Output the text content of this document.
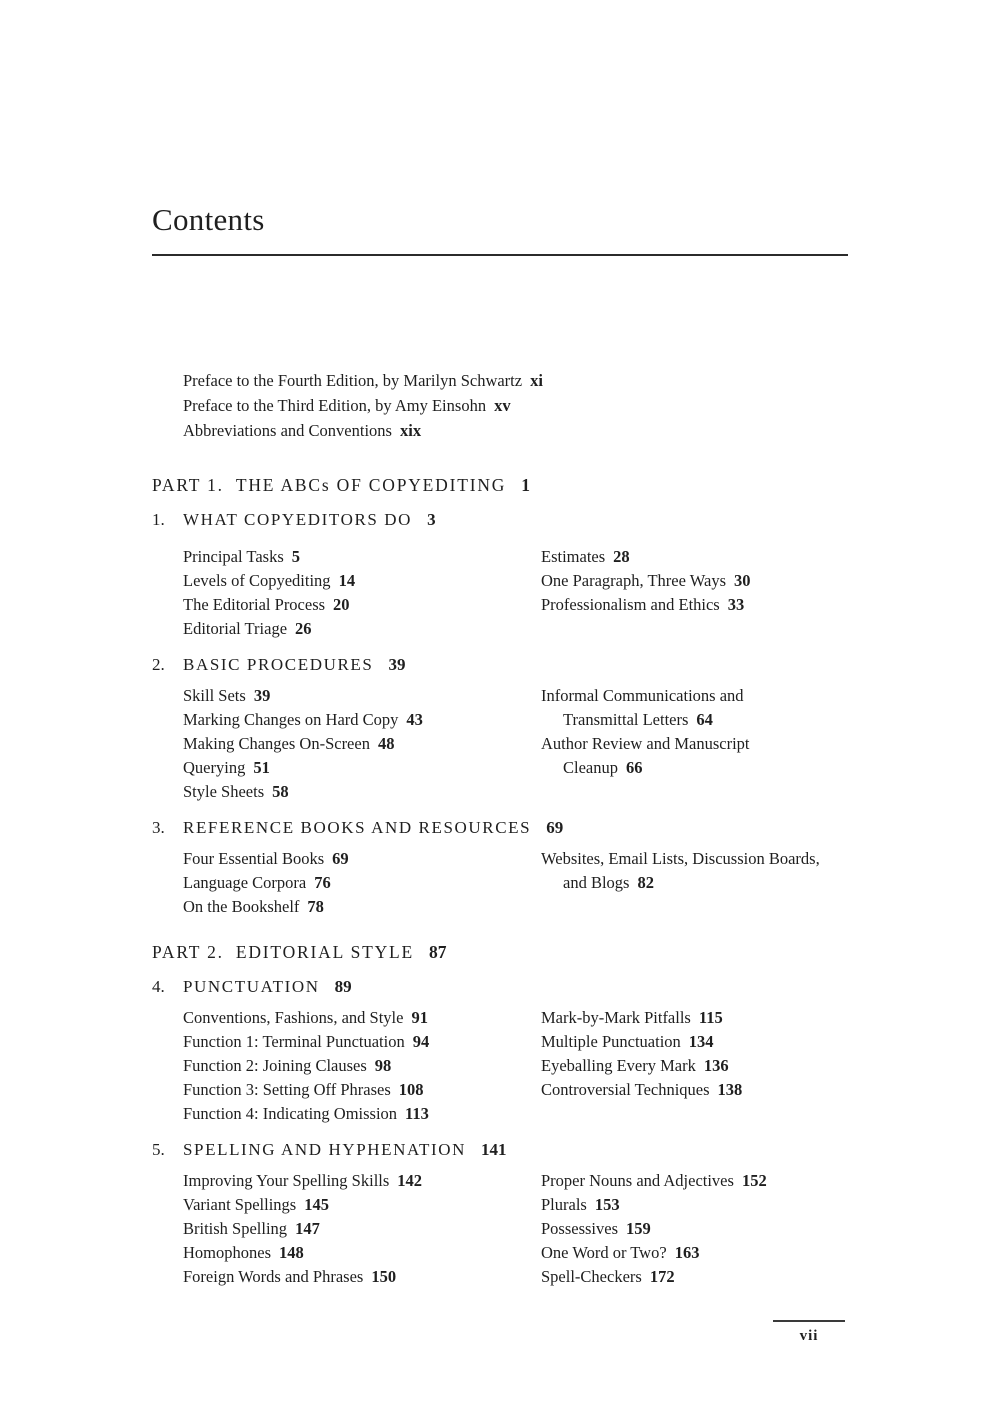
Contents
Preface to the Fourth Edition, by Marilyn Schwartz xi
Preface to the Third Edition, by Amy Einsohn xv
Abbreviations and Conventions xix
PART 1. THE ABCs OF COPYEDITING 1
1. WHAT COPYEDITORS DO 3
Principal Tasks 5
Levels of Copyediting 14
The Editorial Process 20
Editorial Triage 26
Estimates 28
One Paragraph, Three Ways 30
Professionalism and Ethics 33
2. BASIC PROCEDURES 39
Skill Sets 39
Marking Changes on Hard Copy 43
Making Changes On-Screen 48
Querying 51
Style Sheets 58
Informal Communications and
Transmittal Letters 64
Author Review and Manuscript
Cleanup 66
3. REFERENCE BOOKS AND RESOURCES 69
Four Essential Books 69
Language Corpora 76
On the Bookshelf 78
Websites, Email Lists, Discussion Boards,
and Blogs 82
PART 2. EDITORIAL STYLE 87
4. PUNCTUATION 89
Conventions, Fashions, and Style 91
Function 1: Terminal Punctuation 94
Function 2: Joining Clauses 98
Function 3: Setting Off Phrases 108
Function 4: Indicating Omission 113
Mark-by-Mark Pitfalls 115
Multiple Punctuation 134
Eyeballing Every Mark 136
Controversial Techniques 138
5. SPELLING AND HYPHENATION 141
Improving Your Spelling Skills 142
Variant Spellings 145
British Spelling 147
Homophones 148
Foreign Words and Phrases 150
Proper Nouns and Adjectives 152
Plurals 153
Possessives 159
One Word or Two? 163
Spell-Checkers 172
vii
